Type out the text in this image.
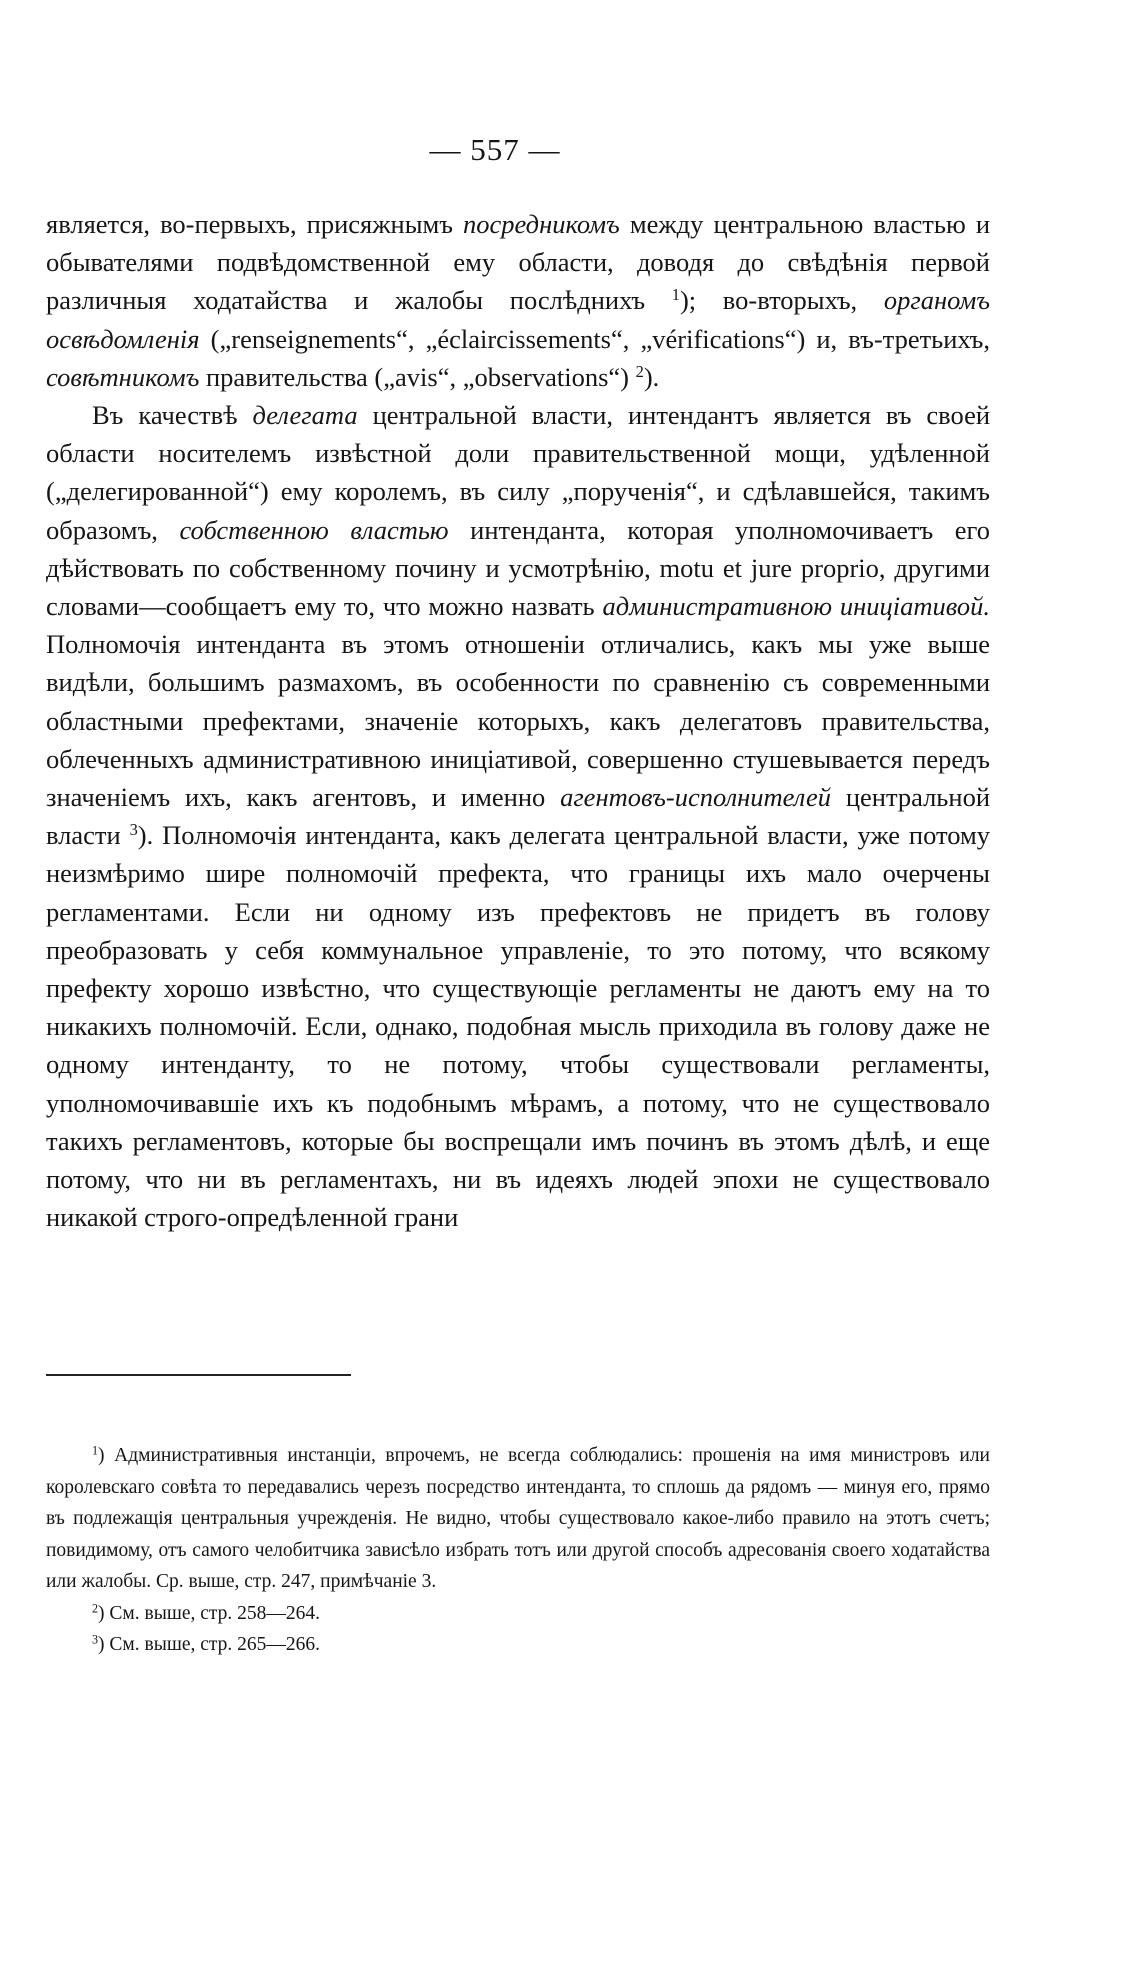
— 557 —

является, во-первыхъ, присяжнымъ посредникомъ между центральною властью и обывателями подвѣдомственной ему области, доводя до свѣдѣнія первой различныя ходатайства и жалобы послѣднихъ $^1$); во-вторыхъ, органомъ освѣдомленія („renseignements“, „éclaircissements“, „vérifications“) и, въ-третьихъ, совѣтникомъ правительства („avis“, „observations“) $^2$).

Въ качествѣ делегата центральной власти, интендантъ является въ своей области носителемъ извѣстной доли правительственной мощи, удѣленной („делегированной“) ему королемъ, въ силу „порученія“, и сдѣлавшейся, такимъ образомъ, собственною властью интенданта, которая уполномочиваетъ его дѣйствовать по собственному почину и усмотрѣнію, motu et jure proprio, другими словами—сообщаетъ ему то, что можно назвать административною иниціативой. Полномочія интенданта въ этомъ отношеніи отличались, какъ мы уже выше видѣли, большимъ размахомъ, въ особенности по сравненію съ современными областными префектами, значеніе которыхъ, какъ делегатовъ правительства, облеченныхъ административною иниціативой, совершенно стушевывается передъ значеніемъ ихъ, какъ агентовъ, и именно агентовъ-исполнителей центральной власти $^3$). Полномочія интенданта, какъ делегата центральной власти, уже потому неизмѣримо шире полномочій префекта, что границы ихъ мало очерчены регламентами. Если ни одному изъ префектовъ не придетъ въ голову преобразовать у себя коммунальное управленіе, то это потому, что всякому префекту хорошо извѣстно, что существующіе регламенты не даютъ ему на то никакихъ полномочій. Если, однако, подобная мысль приходила въ голову даже не одному интенданту, то не потому, чтобы существовали регламенты, уполномочивавшіе ихъ къ подобнымъ мѣрамъ, а потому, что не существовало такихъ регламентовъ, которые бы воспрещали имъ починъ въ этомъ дѣлѣ, и еще потому, что ни въ регламентахъ, ни въ идеяхъ людей эпохи не существовало никакой строго-опредѣленной грани

$^1$) Административныя инстанціи, впрочемъ, не всегда соблюдались: прошенія на имя министровъ или королевскаго совѣта то передавались черезъ посредство интенданта, то сплошь да рядомъ — минуя его, прямо въ подлежащія центральныя учрежденія. Не видно, чтобы существовало какое-либо правило на этотъ счетъ; повидимому, отъ самого челобитчика зависѣло избрать тотъ или другой способъ адресованія своего ходатайства или жалобы. Ср. выше, стр. 247, примѣчаніе 3.

$^2$) См. выше, стр. 258—264.

$^3$) См. выше, стр. 265—266.
